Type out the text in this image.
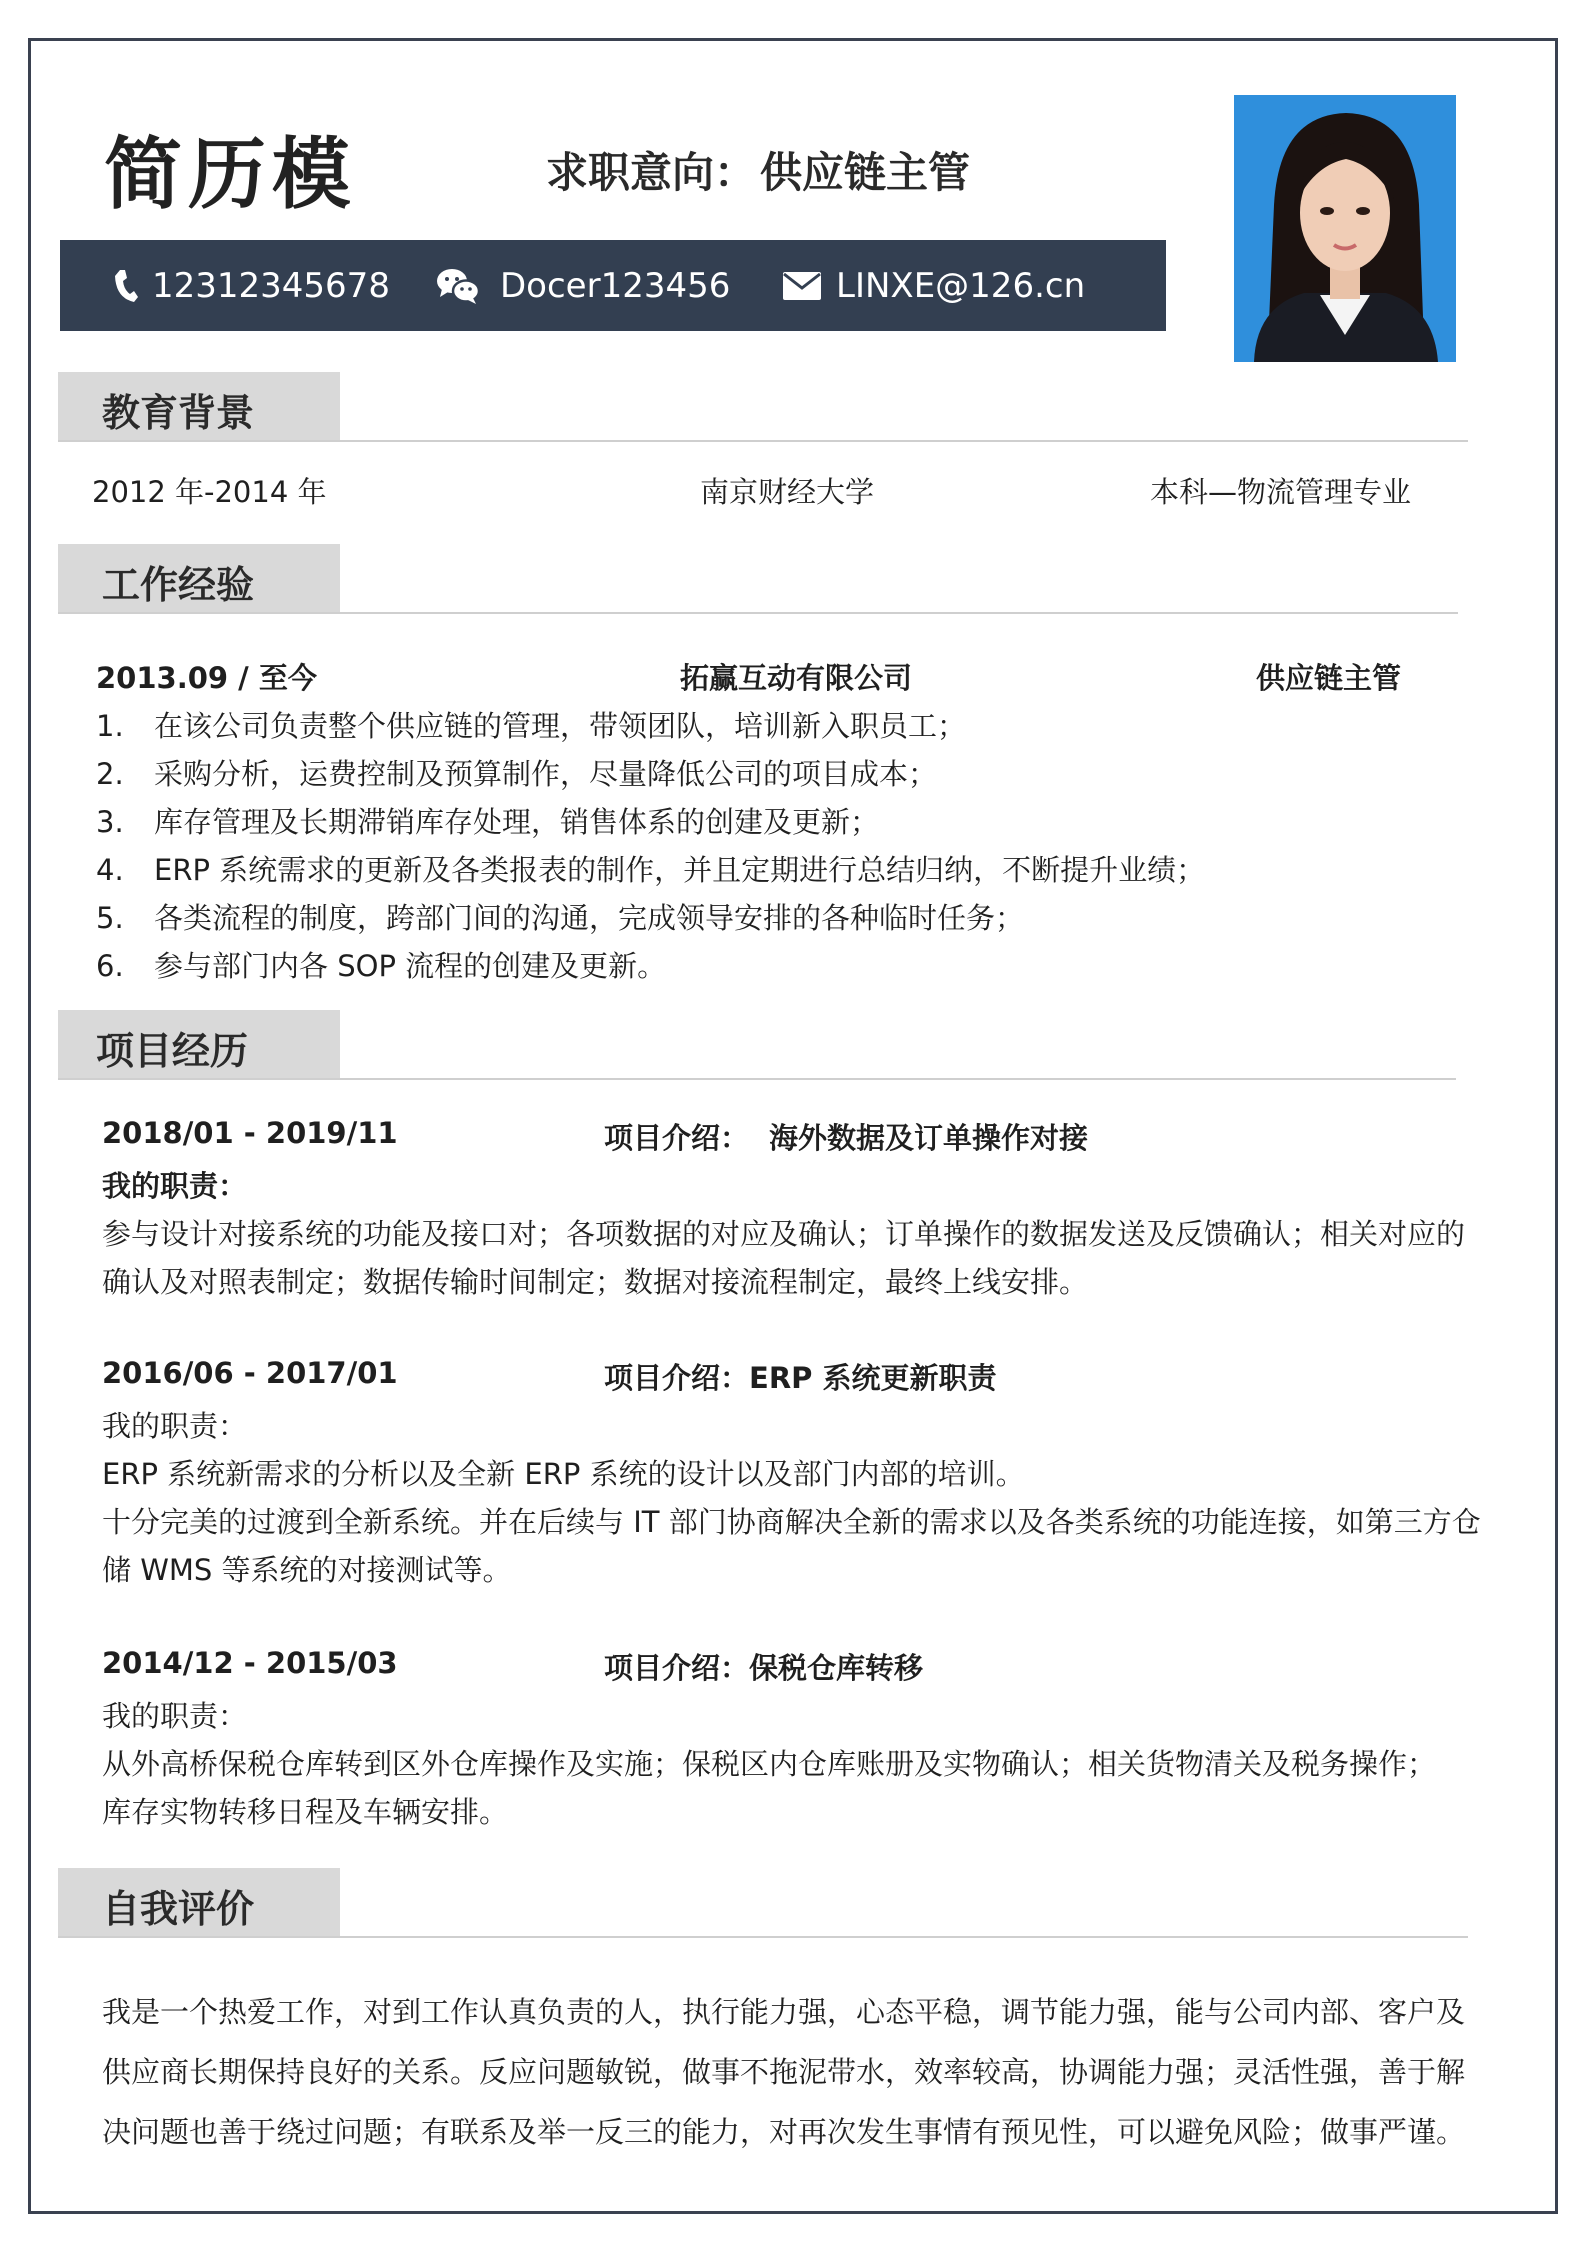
简历模	求职意向：供应链主管
12312345678	Docer123456	LINXE@126.cn
教育背景
2012 年-2014 年	南京财经大学	本科—物流管理专业
工作经验
2013.09 / 至今	拓赢互动有限公司	供应链主管
1. 在该公司负责整个供应链的管理，带领团队，培训新入职员工；
2. 采购分析，运费控制及预算制作，尽量降低公司的项目成本；
3. 库存管理及长期滞销库存处理，销售体系的创建及更新；
4. ERP 系统需求的更新及各类报表的制作，并且定期进行总结归纳，不断提升业绩；
5. 各类流程的制度，跨部门间的沟通，完成领导安排的各种临时任务；
6. 参与部门内各 SOP 流程的创建及更新。
项目经历
2018/01 - 2019/11	项目介绍： 海外数据及订单操作对接
我的职责：
参与设计对接系统的功能及接口对；各项数据的对应及确认；订单操作的数据发送及反馈确认；相关对应的
确认及对照表制定；数据传输时间制定；数据对接流程制定，最终上线安排。
2016/06 - 2017/01	项目介绍：ERP 系统更新职责
我的职责：
ERP 系统新需求的分析以及全新 ERP 系统的设计以及部门内部的培训。
十分完美的过渡到全新系统。并在后续与 IT 部门协商解决全新的需求以及各类系统的功能连接，如第三方仓
储 WMS 等系统的对接测试等。
2014/12 - 2015/03	项目介绍：保税仓库转移
我的职责：
从外高桥保税仓库转到区外仓库操作及实施；保税区内仓库账册及实物确认；相关货物清关及税务操作；
库存实物转移日程及车辆安排。
自我评价
我是一个热爱工作，对到工作认真负责的人，执行能力强，心态平稳，调节能力强，能与公司内部、客户及供应商长期保持良好的关系。反应问题敏锐，做事不拖泥带水，效率较高，协调能力强；灵活性强，善于解决问题也善于绕过问题；有联系及举一反三的能力，对再次发生事情有预见性，可以避免风险；做事严谨。
